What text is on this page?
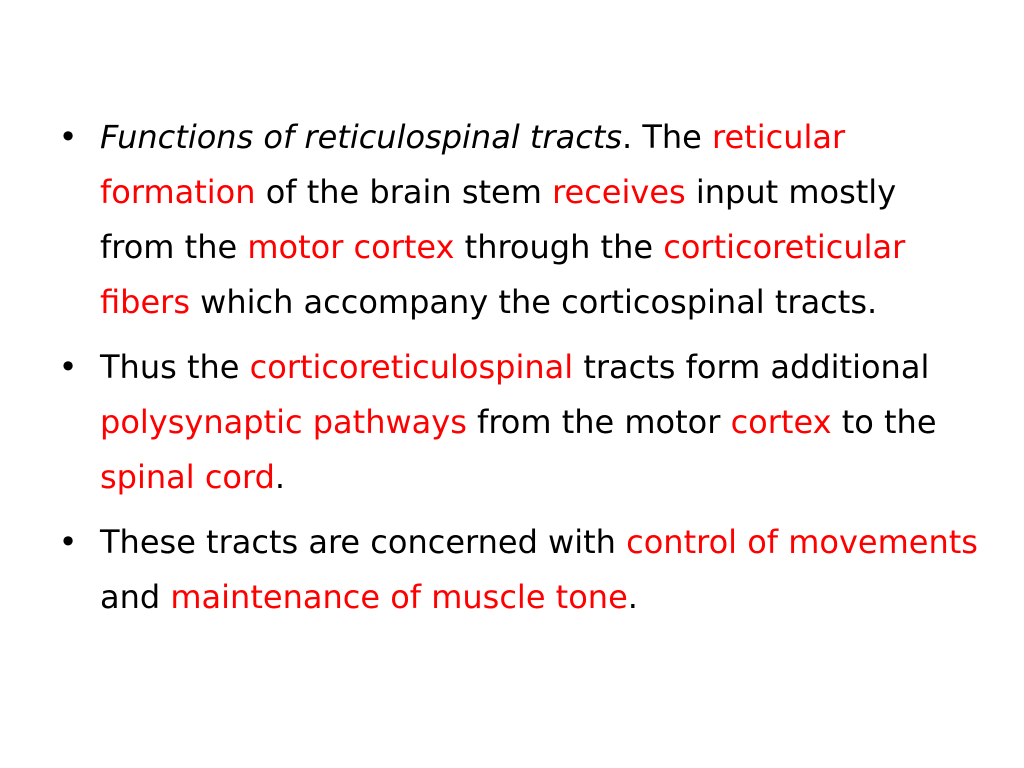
• Functions of reticulospinal tracts. The reticular formation of the brain stem receives input mostly from the motor cortex through the corticoreticular fibers which accompany the corticospinal tracts.
• Thus the corticoreticulospinal tracts form additional polysynaptic pathways from the motor cortex to the spinal cord.
• These tracts are concerned with control of movements and maintenance of muscle tone.
